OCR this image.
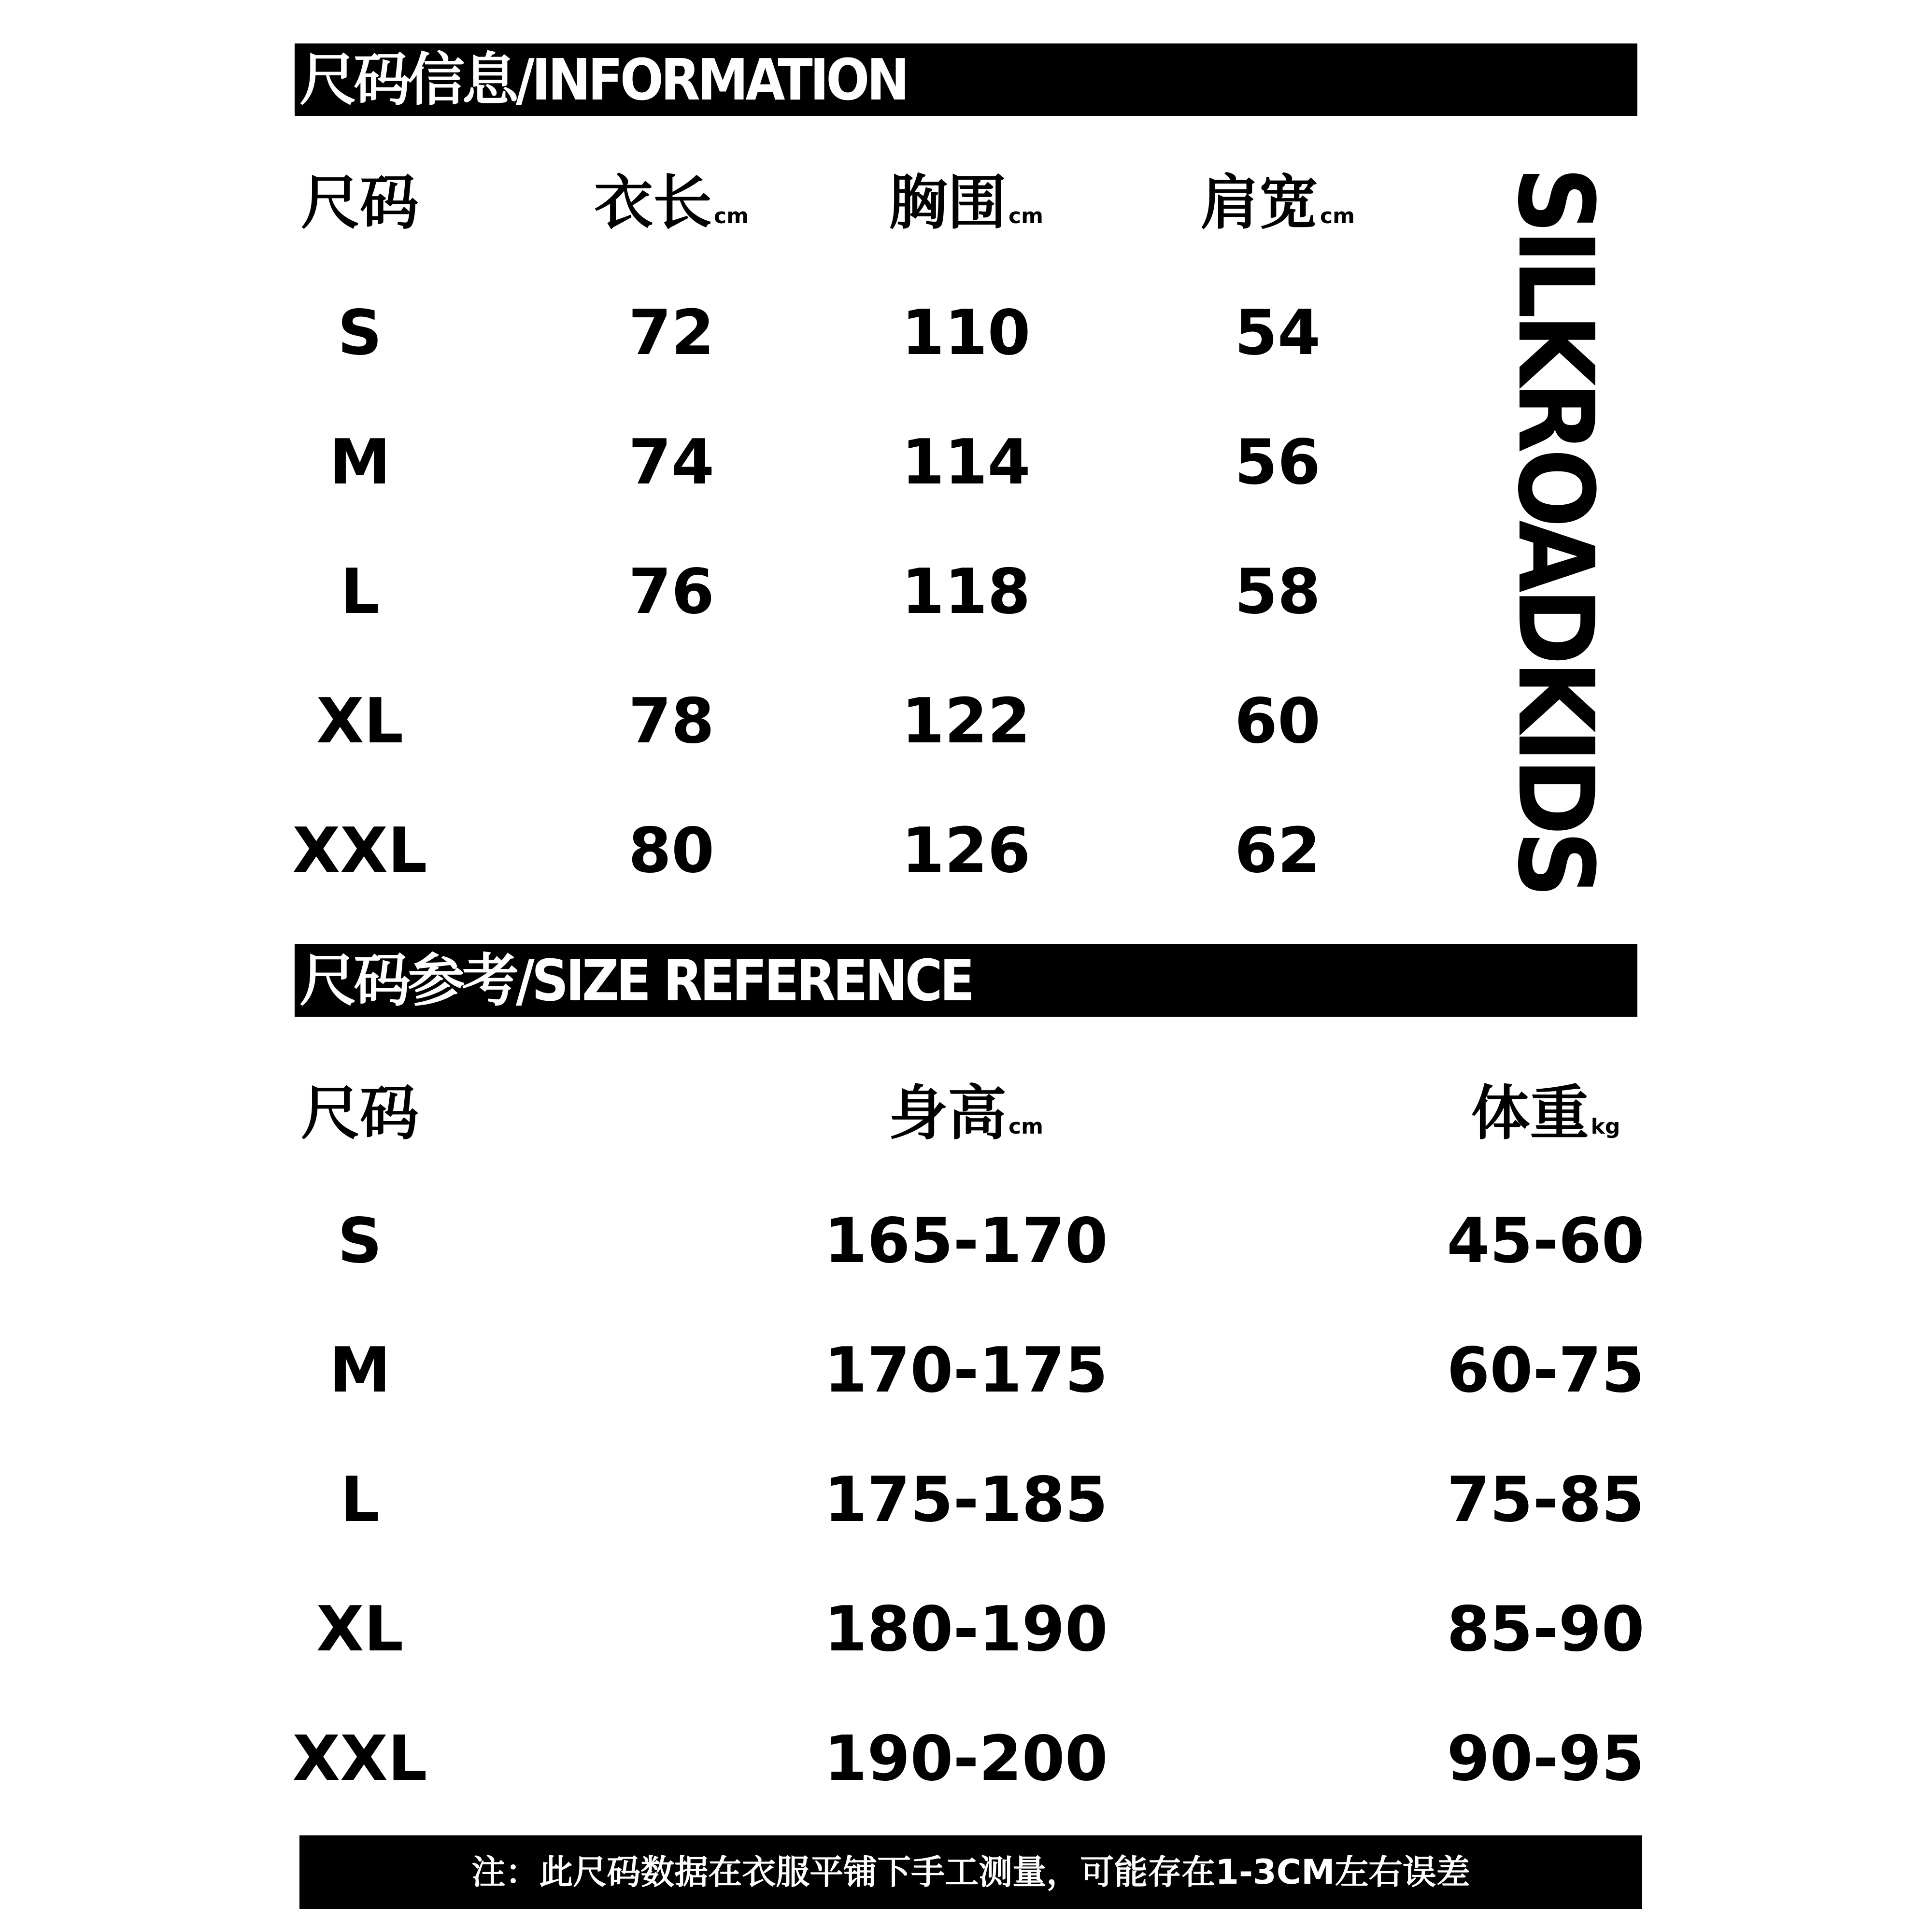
尺码信息/INFORMATION
尺码	衣长cm	胸围cm	肩宽cm
S	72	110	54
M	74	114	56
L	76	118	58
XL	78	122	60
XXL	80	126	62	SILKROADKIDS
尺码参考/SIZE REFERENCE
尺码	身高cm	体重kg
S	165-170	45-60
M	170-175	60-75
L	175-185	75-85
XL	180-190	85-90
XXL	190-200	90-95
注：此尺码数据在衣服平铺下手工测量，可能存在1-3CM左右误差
